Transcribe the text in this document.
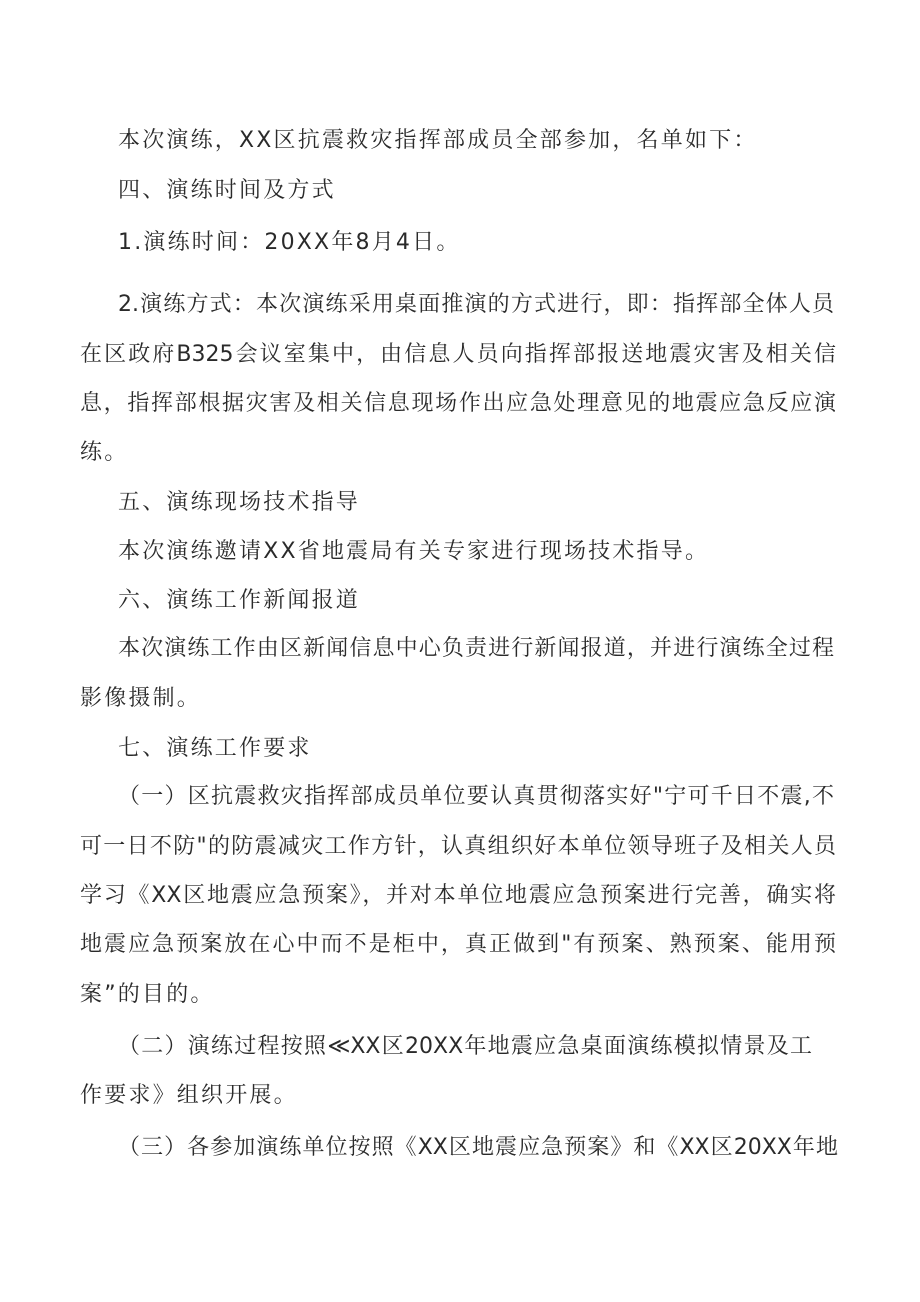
本次演练，XX区抗震救灾指挥部成员全部参加，名单如下：
四、演练时间及方式
1.演练时间：20XX年8月4日。
2.演练方式：本次演练采用桌面推演的方式进行，即：指挥部全体人员
在区政府B325会议室集中，由信息人员向指挥部报送地震灾害及相关信
息，指挥部根据灾害及相关信息现场作出应急处理意见的地震应急反应演
练。
五、演练现场技术指导
本次演练邀请XX省地震局有关专家进行现场技术指导。
六、演练工作新闻报道
本次演练工作由区新闻信息中心负责进行新闻报道，并进行演练全过程
影像摄制。
七、演练工作要求
（一）区抗震救灾指挥部成员单位要认真贯彻落实好"宁可千日不震,不
可一日不防"的防震减灾工作方针，认真组织好本单位领导班子及相关人员
学习《XX区地震应急预案》，并对本单位地震应急预案进行完善，确实将
地震应急预案放在心中而不是柜中，真正做到"有预案、熟预案、能用预
案”的目的。
（二）演练过程按照≪XX区20XX年地震应急桌面演练模拟情景及工
作要求》组织开展。
（三）各参加演练单位按照《XX区地震应急预案》和《XX区20XX年地
